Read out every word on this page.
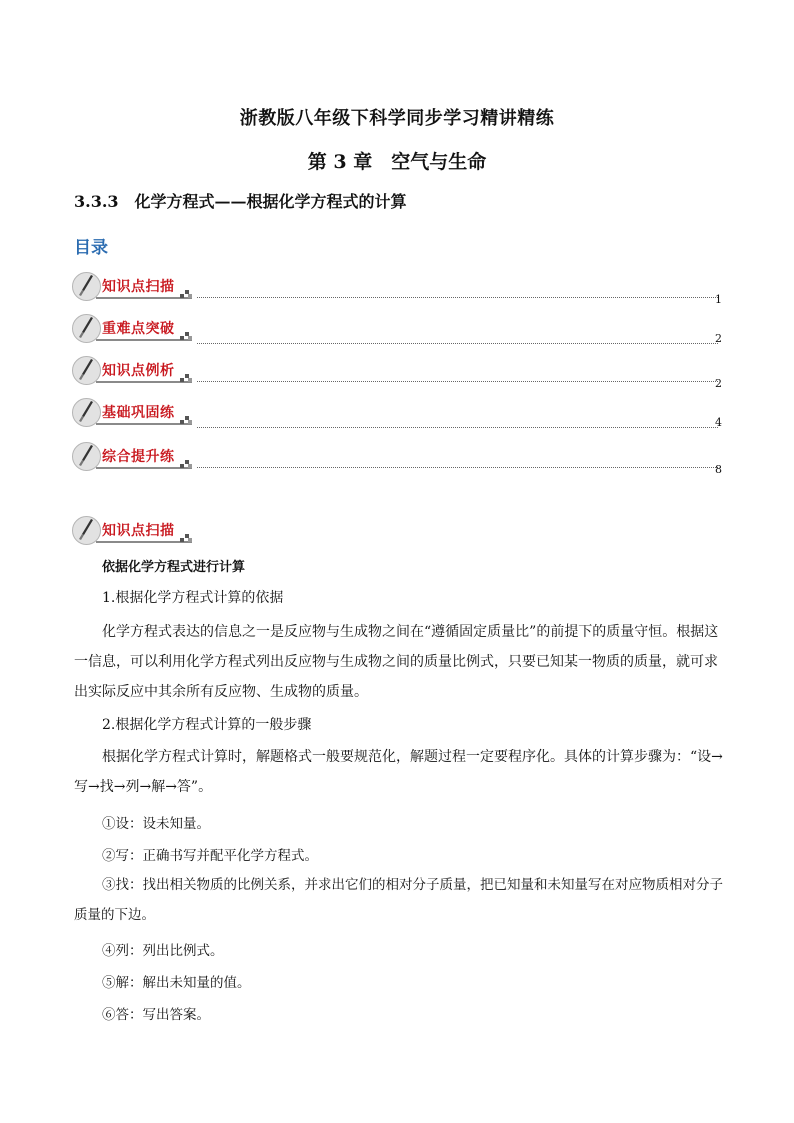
浙教版八年级下科学同步学习精讲精练
第 3 章　空气与生命
3.3.3　化学方程式——根据化学方程式的计算
目录
知识点扫描
1
重难点突破
2
知识点例析
2
基础巩固练
4
综合提升练
8
知识点扫描
依据化学方程式进行计算
1.根据化学方程式计算的依据

化学方程式表达的信息之一是反应物与生成物之间在“遵循固定质量比”的前提下的质量守恒。根据这一信息，可以利用化学方程式列出反应物与生成物之间的质量比例式，只要已知某一物质的质量，就可求出实际反应中其余所有反应物、生成物的质量。

2.根据化学方程式计算的一般步骤

根据化学方程式计算时，解题格式一般要规范化，解题过程一定要程序化。具体的计算步骤为：“设→写→找→列→解→答”。

①设：设未知量。
②写：正确书写并配平化学方程式。

③找：找出相关物质的比例关系，并求出它们的相对分子质量，把已知量和未知量写在对应物质相对分子质量的下边。

④列：列出比例式。
⑤解：解出未知量的值。
⑥答：写出答案。
